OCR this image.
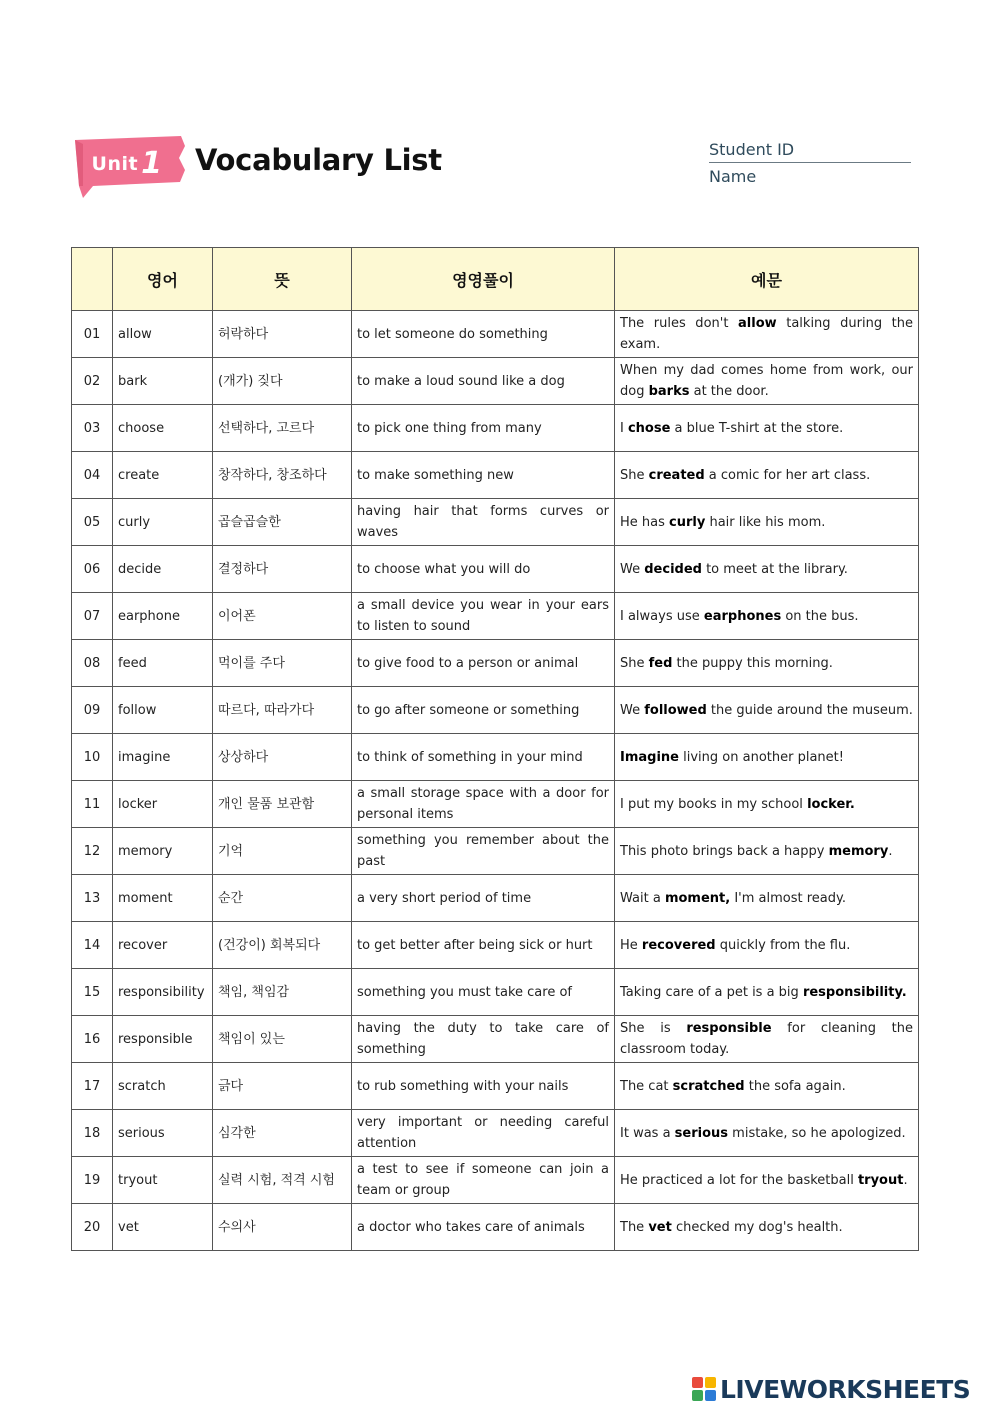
Unit 1	Vocabulary List	Student ID
Name
	영어	뜻	영영풀이	예문
01	allow	허락하다	to let someone do something	The rules don't allow talking during the exam.
02	bark	(개가) 짖다	to make a loud sound like a dog	When my dad comes home from work, our dog barks at the door.
03	choose	선택하다, 고르다	to pick one thing from many	I chose a blue T-shirt at the store.
04	create	창작하다, 창조하다	to make something new	She created a comic for her art class.
05	curly	곱슬곱슬한	having hair that forms curves or waves	He has curly hair like his mom.
06	decide	결정하다	to choose what you will do	We decided to meet at the library.
07	earphone	이어폰	a small device you wear in your ears to listen to sound	I always use earphones on the bus.
08	feed	먹이를 주다	to give food to a person or animal	She fed the puppy this morning.
09	follow	따르다, 따라가다	to go after someone or something	We followed the guide around the museum.
10	imagine	상상하다	to think of something in your mind	Imagine living on another planet!
11	locker	개인 물품 보관함	a small storage space with a door for personal items	I put my books in my school locker.
12	memory	기억	something you remember about the past	This photo brings back a happy memory.
13	moment	순간	a very short period of time	Wait a moment, I'm almost ready.
14	recover	(건강이) 회복되다	to get better after being sick or hurt	He recovered quickly from the flu.
15	responsibility	책임, 책임감	something you must take care of	Taking care of a pet is a big responsibility.
16	responsible	책임이 있는	having the duty to take care of something	She is responsible for cleaning the classroom today.
17	scratch	긁다	to rub something with your nails	The cat scratched the sofa again.
18	serious	심각한	very important or needing careful attention	It was a serious mistake, so he apologized.
19	tryout	실력 시험, 적격 시험	a test to see if someone can join a team or group	He practiced a lot for the basketball tryout.
20	vet	수의사	a doctor who takes care of animals	The vet checked my dog's health.
LIVEWORKSHEETS
